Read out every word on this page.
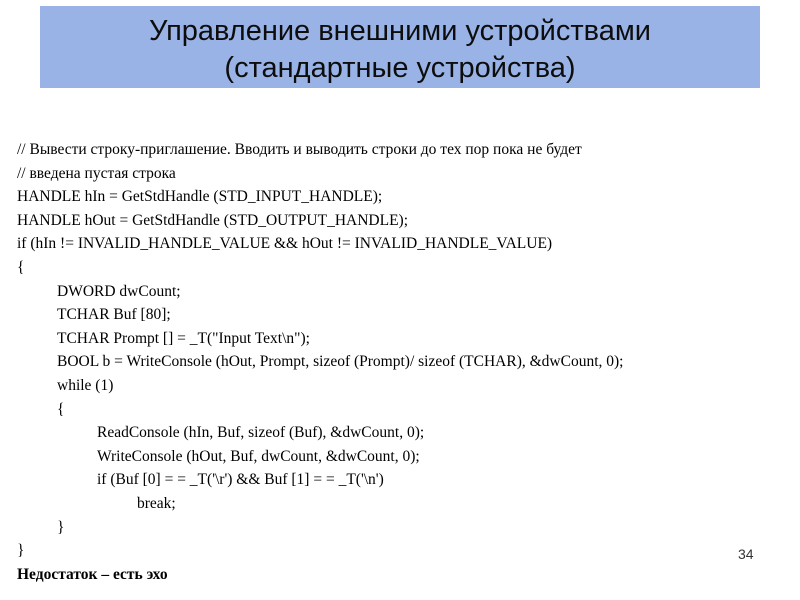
Управление внешними устройствами
(стандартные устройства)
// Вывести строку-приглашение. Вводить и выводить строки до тех пор пока не будет
// введена пустая строка
HANDLE hIn = GetStdHandle (STD_INPUT_HANDLE);
HANDLE hOut = GetStdHandle (STD_OUTPUT_HANDLE);
if (hIn != INVALID_HANDLE_VALUE && hOut != INVALID_HANDLE_VALUE)
{
DWORD dwCount;
TCHAR Buf [80];
TCHAR Prompt [] = _T("Input Text\n");
BOOL b = WriteConsole (hOut, Prompt, sizeof (Prompt)/ sizeof (TCHAR), &dwCount, 0);
while (1)
{
ReadConsole (hIn, Buf, sizeof (Buf), &dwCount, 0);
WriteConsole (hOut, Buf, dwCount, &dwCount, 0);
if (Buf [0] = = _T('\r') && Buf [1] = = _T('\n')
break;
}
}
Недостаток – есть эхо
34
